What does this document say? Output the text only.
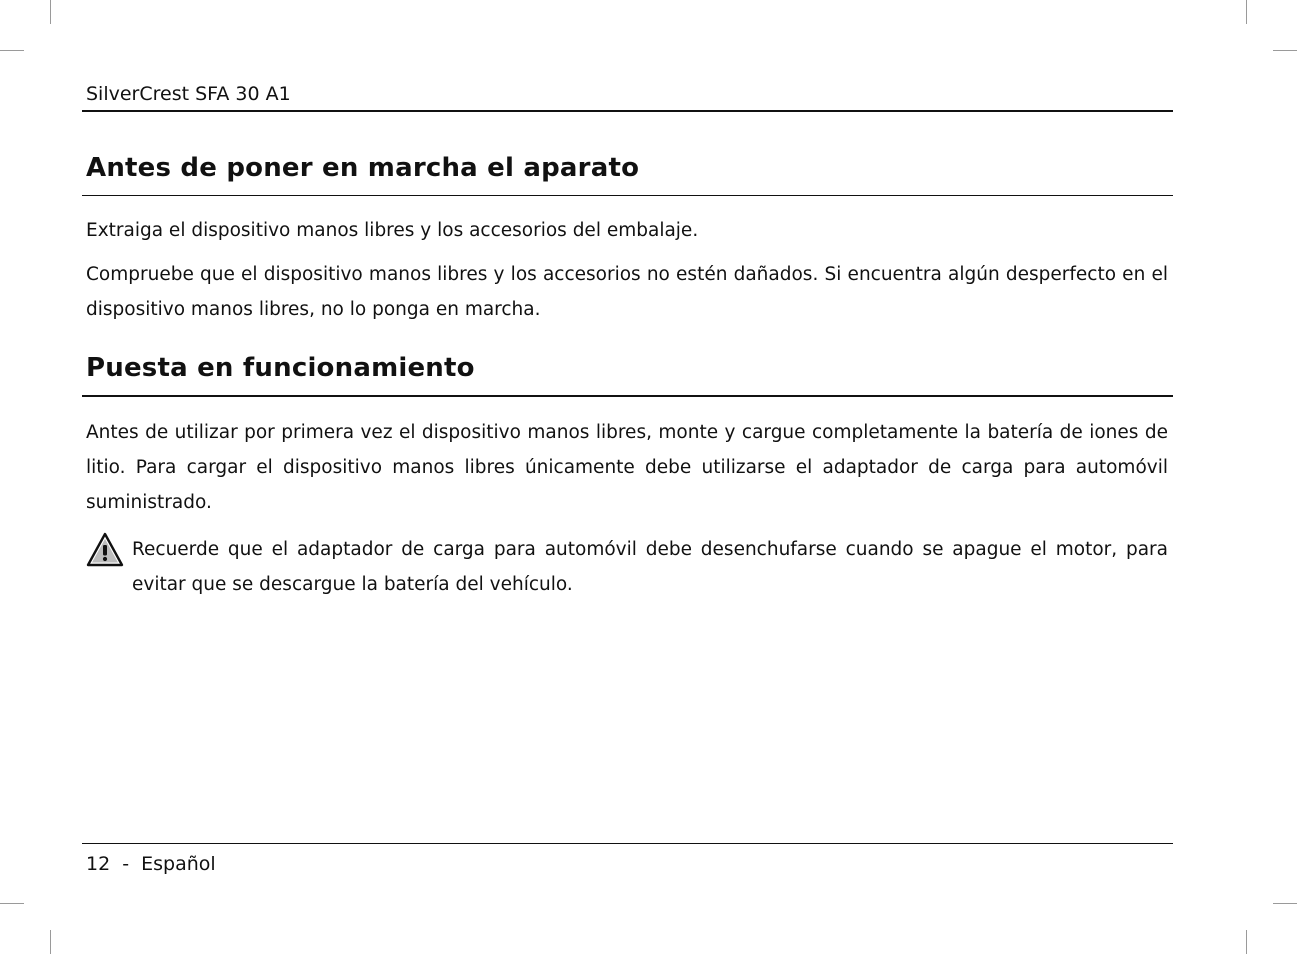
SilverCrest SFA 30 A1
Antes de poner en marcha el aparato

Extraiga el dispositivo manos libres y los accesorios del embalaje.

Compruebe que el dispositivo manos libres y los accesorios no estén dañados. Si encuentra algún desperfecto en el dispositivo manos libres, no lo ponga en marcha.

Puesta en funcionamiento

Antes de utilizar por primera vez el dispositivo manos libres, monte y cargue completamente la batería de iones de litio. Para cargar el dispositivo manos libres únicamente debe utilizarse el adaptador de carga para automóvil suministrado.

Recuerde que el adaptador de carga para automóvil debe desenchufarse cuando se apague el motor, para evitar que se descargue la batería del vehículo.

12 - Español
